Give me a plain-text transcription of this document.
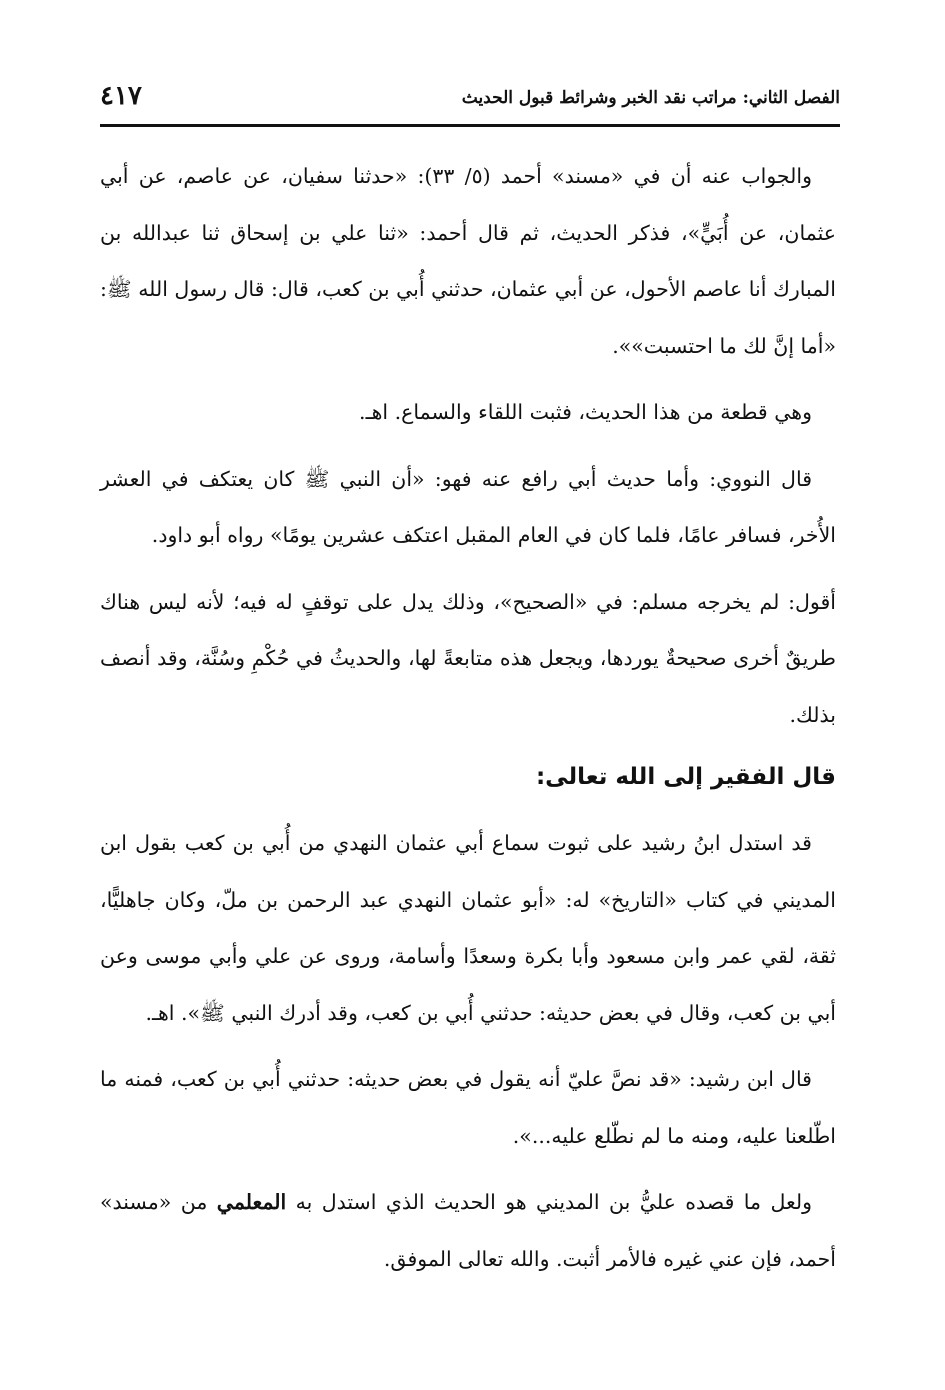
٤١٧	الفصل الثاني: مراتب نقد الخبر وشرائط قبول الحديث

والجواب عنه أن في «مسند» أحمد (٥/ ٣٣): «حدثنا سفيان، عن عاصم، عن أبي عثمان، عن أُبَيٍّ»، فذكر الحديث، ثم قال أحمد: «ثنا علي بن إسحاق ثنا عبدالله بن المبارك أنا عاصم الأحول، عن أبي عثمان، حدثني أُبي بن كعب، قال: قال رسول الله ﷺ: «أما إنَّ لك ما احتسبت»».

وهي قطعة من هذا الحديث، فثبت اللقاء والسماع. اهـ.

قال النووي: وأما حديث أبي رافع عنه فهو: «أن النبي ﷺ كان يعتكف في العشر الأُخر، فسافر عامًا، فلما كان في العام المقبل اعتكف عشرين يومًا» رواه أبو داود.

أقول: لم يخرجه مسلم: في «الصحيح»، وذلك يدل على توقفٍ له فيه؛ لأنه ليس هناك طريقٌ أخرى صحيحةٌ يوردها، ويجعل هذه متابعةً لها، والحديثُ في حُكْمِ وسُنَّة، وقد أنصف بذلك.

قال الفقير إلى الله تعالى:

قد استدل ابنُ رشيد على ثبوت سماع أبي عثمان النهدي من أُبي بن كعب بقول ابن المديني في كتاب «التاريخ» له: «أبو عثمان النهدي عبد الرحمن بن ملّ، وكان جاهليًّا، ثقة، لقي عمر وابن مسعود وأبا بكرة وسعدًا وأسامة، وروى عن علي وأبي موسى وعن أبي بن كعب، وقال في بعض حديثه: حدثني أُبي بن كعب، وقد أدرك النبي ﷺ». اهـ.

قال ابن رشيد: «قد نصَّ عليّ أنه يقول في بعض حديثه: حدثني أُبي بن كعب، فمنه ما اطّلعنا عليه، ومنه ما لم نطّلع عليه...».

ولعل ما قصده عليُّ بن المديني هو الحديث الذي استدل به المعلمي من «مسند» أحمد، فإن عني غيره فالأمر أثبت. والله تعالى الموفق.
